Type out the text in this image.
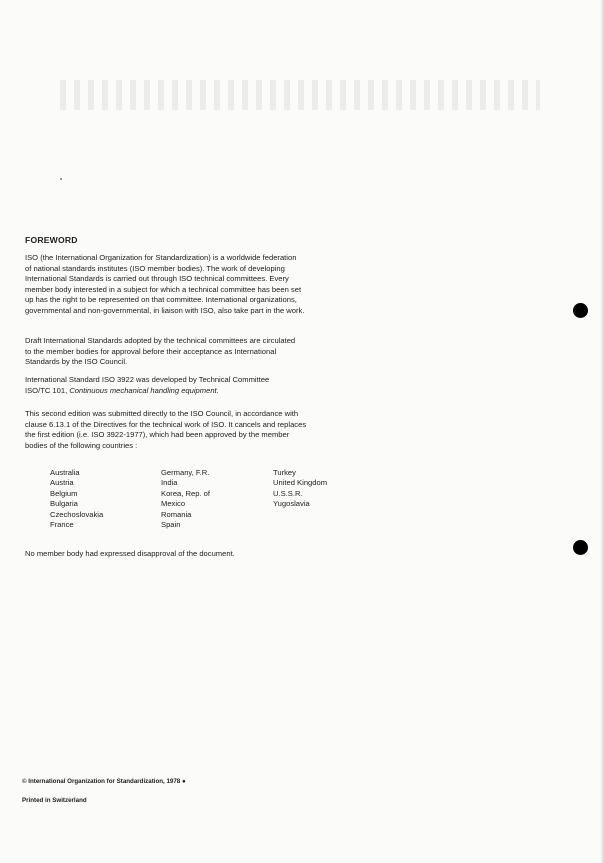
FOREWORD
ISO (the International Organization for Standardization) is a worldwide federation
of national standards institutes (ISO member bodies). The work of developing
International Standards is carried out through ISO technical committees. Every
member body interested in a subject for which a technical committee has been set
up has the right to be represented on that committee. International organizations,
governmental and non-governmental, in liaison with ISO, also take part in the work.
Draft International Standards adopted by the technical committees are circulated
to the member bodies for approval before their acceptance as International
Standards by the ISO Council.
International Standard ISO 3922 was developed by Technical Committee
ISO/TC 101, Continuous mechanical handling equipment.
This second edition was submitted directly to the ISO Council, in accordance with
clause 6.13.1 of the Directives for the technical work of ISO. It cancels and replaces
the first edition (i.e. ISO 3922-1977), which had been approved by the member
bodies of the following countries :
Australia
Austria
Belgium
Bulgaria
Czechoslovakia
France
Germany, F.R.
India
Korea, Rep. of
Mexico
Romania
Spain
Turkey
United Kingdom
U.S.S.R.
Yugoslavia
No member body had expressed disapproval of the document.
© International Organization for Standardization, 1978 ●
Printed in Switzerland
